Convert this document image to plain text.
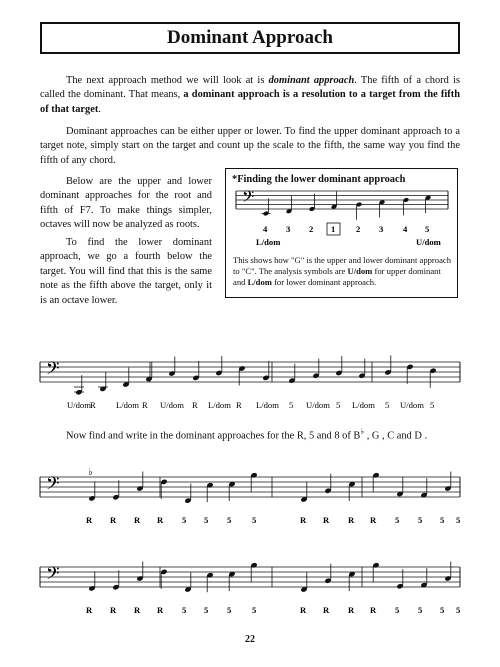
Dominant Approach

The next approach method we will look at is dominant approach. The fifth of a chord is called the dominant. That means, a dominant approach is a resolution to a target from the fifth of that target.

Dominant approaches can be either upper or lower. To find the upper dominant approach to a target note, simply start on the target and count up the scale to the fifth, the same way you find the fifth of any chord.

Below are the upper and lower dominant approaches for the root and fifth of F7. To make things simpler, octaves will now be analyzed as roots.

To find the lower dominant approach, we go a fourth below the target. You will find that this is the same note as the fifth above the target, only it is an octave lower.

*Finding the lower dominant approach
𝄢
4 3 2 1 2 3 4 5
L/dom	U/dom
This shows how "G" is the upper and lower dominant approach to "C". The analysis symbols are U/dom for upper dominant and L/dom for lower dominant approach.
𝄢
U/dom R L/dom R U/dom R L/dom R L/dom 5 U/dom 5 L/dom 5 U/dom 5

Now find and write in the dominant approaches for the R, 5 and 8 of B♭ , G , C and D .

𝄢
♭
R R R R 5 5 5 5	R R R R 5 5 5 5
𝄢
R R R R 5 5 5 5	R R R R 5 5 5 5
22
